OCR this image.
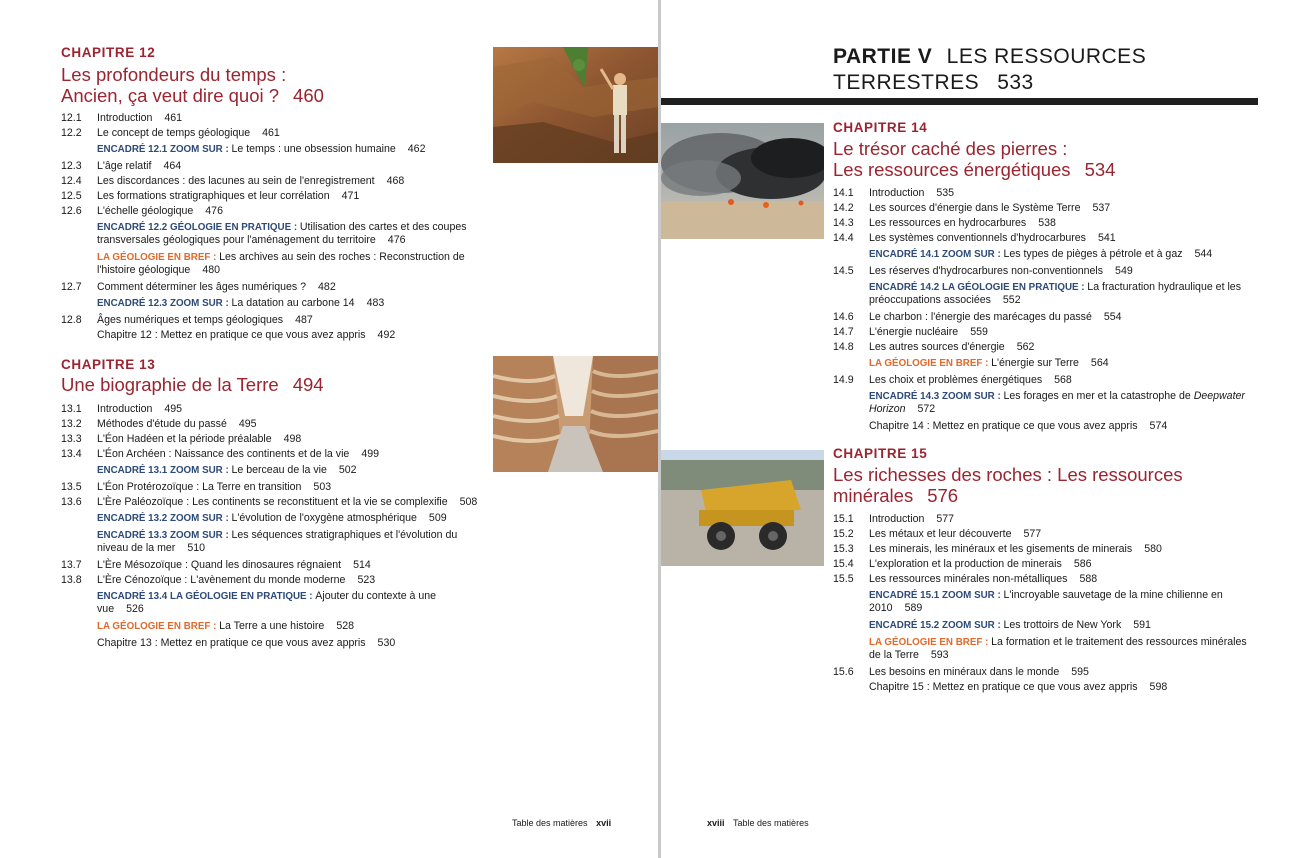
CHAPITRE 12
Les profondeurs du temps :
Ancien, ça veut dire quoi ? 460
12.1	Introduction 461
12.2	Le concept de temps géologique 461
ENCADRÉ 12.1 ZOOM SUR : Le temps : une obsession humaine 462
12.3	L'âge relatif 464
12.4	Les discordances : des lacunes au sein de l'enregistrement 468
12.5	Les formations stratigraphiques et leur corrélation 471
12.6	L'échelle géologique 476
ENCADRÉ 12.2 GÉOLOGIE EN PRATIQUE : Utilisation des cartes et des coupes transversales géologiques pour l'aménagement du territoire 476
LA GÉOLOGIE EN BREF : Les archives au sein des roches : Reconstruction de l'histoire géologique 480
12.7	Comment déterminer les âges numériques ? 482
ENCADRÉ 12.3 ZOOM SUR : La datation au carbone 14 483
12.8	Âges numériques et temps géologiques 487
Chapitre 12 : Mettez en pratique ce que vous avez appris 492
CHAPITRE 13
Une biographie de la Terre 494
13.1	Introduction 495
13.2	Méthodes d'étude du passé 495
13.3	L'Éon Hadéen et la période préalable 498
13.4	L'Éon Archéen : Naissance des continents et de la vie 499
ENCADRÉ 13.1 ZOOM SUR : Le berceau de la vie 502
13.5	L'Éon Protérozoïque : La Terre en transition 503
13.6	L'Ère Paléozoïque : Les continents se reconstituent et la vie se complexifie 508
ENCADRÉ 13.2 ZOOM SUR : L'évolution de l'oxygène atmosphérique 509
ENCADRÉ 13.3 ZOOM SUR : Les séquences stratigraphiques et l'évolution du niveau de la mer 510
13.7	L'Ère Mésozoïque : Quand les dinosaures régnaient 514
13.8	L'Ère Cénozoïque : L'avènement du monde moderne 523
ENCADRÉ 13.4 LA GÉOLOGIE EN PRATIQUE : Ajouter du contexte à une vue 526
LA GÉOLOGIE EN BREF : La Terre a une histoire 528
Chapitre 13 : Mettez en pratique ce que vous avez appris 530
Table des matières xvii
PARTIE V LES RESSOURCES
TERRESTRES 533
CHAPITRE 14
Le trésor caché des pierres :
Les ressources énergétiques 534
14.1	Introduction 535
14.2	Les sources d'énergie dans le Système Terre 537
14.3	Les ressources en hydrocarbures 538
14.4	Les systèmes conventionnels d'hydrocarbures 541
ENCADRÉ 14.1 ZOOM SUR : Les types de pièges à pétrole et à gaz 544
14.5	Les réserves d'hydrocarbures non-conventionnels 549
ENCADRÉ 14.2 LA GÉOLOGIE EN PRATIQUE : La fracturation hydraulique et les préoccupations associées 552
14.6	Le charbon : l'énergie des marécages du passé 554
14.7	L'énergie nucléaire 559
14.8	Les autres sources d'énergie 562
LA GÉOLOGIE EN BREF : L'énergie sur Terre 564
14.9	Les choix et problèmes énergétiques 568
ENCADRÉ 14.3 ZOOM SUR : Les forages en mer et la catastrophe de Deepwater Horizon 572
Chapitre 14 : Mettez en pratique ce que vous avez appris 574
CHAPITRE 15
Les richesses des roches : Les ressources
minérales 576
15.1	Introduction 577
15.2	Les métaux et leur découverte 577
15.3	Les minerais, les minéraux et les gisements de minerais 580
15.4	L'exploration et la production de minerais 586
15.5	Les ressources minérales non-métalliques 588
ENCADRÉ 15.1 ZOOM SUR : L'incroyable sauvetage de la mine chilienne en 2010 589
ENCADRÉ 15.2 ZOOM SUR : Les trottoirs de New York 591
LA GÉOLOGIE EN BREF : La formation et le traitement des ressources minérales de la Terre 593
15.6	Les besoins en minéraux dans le monde 595
Chapitre 15 : Mettez en pratique ce que vous avez appris 598
xviii Table des matières
